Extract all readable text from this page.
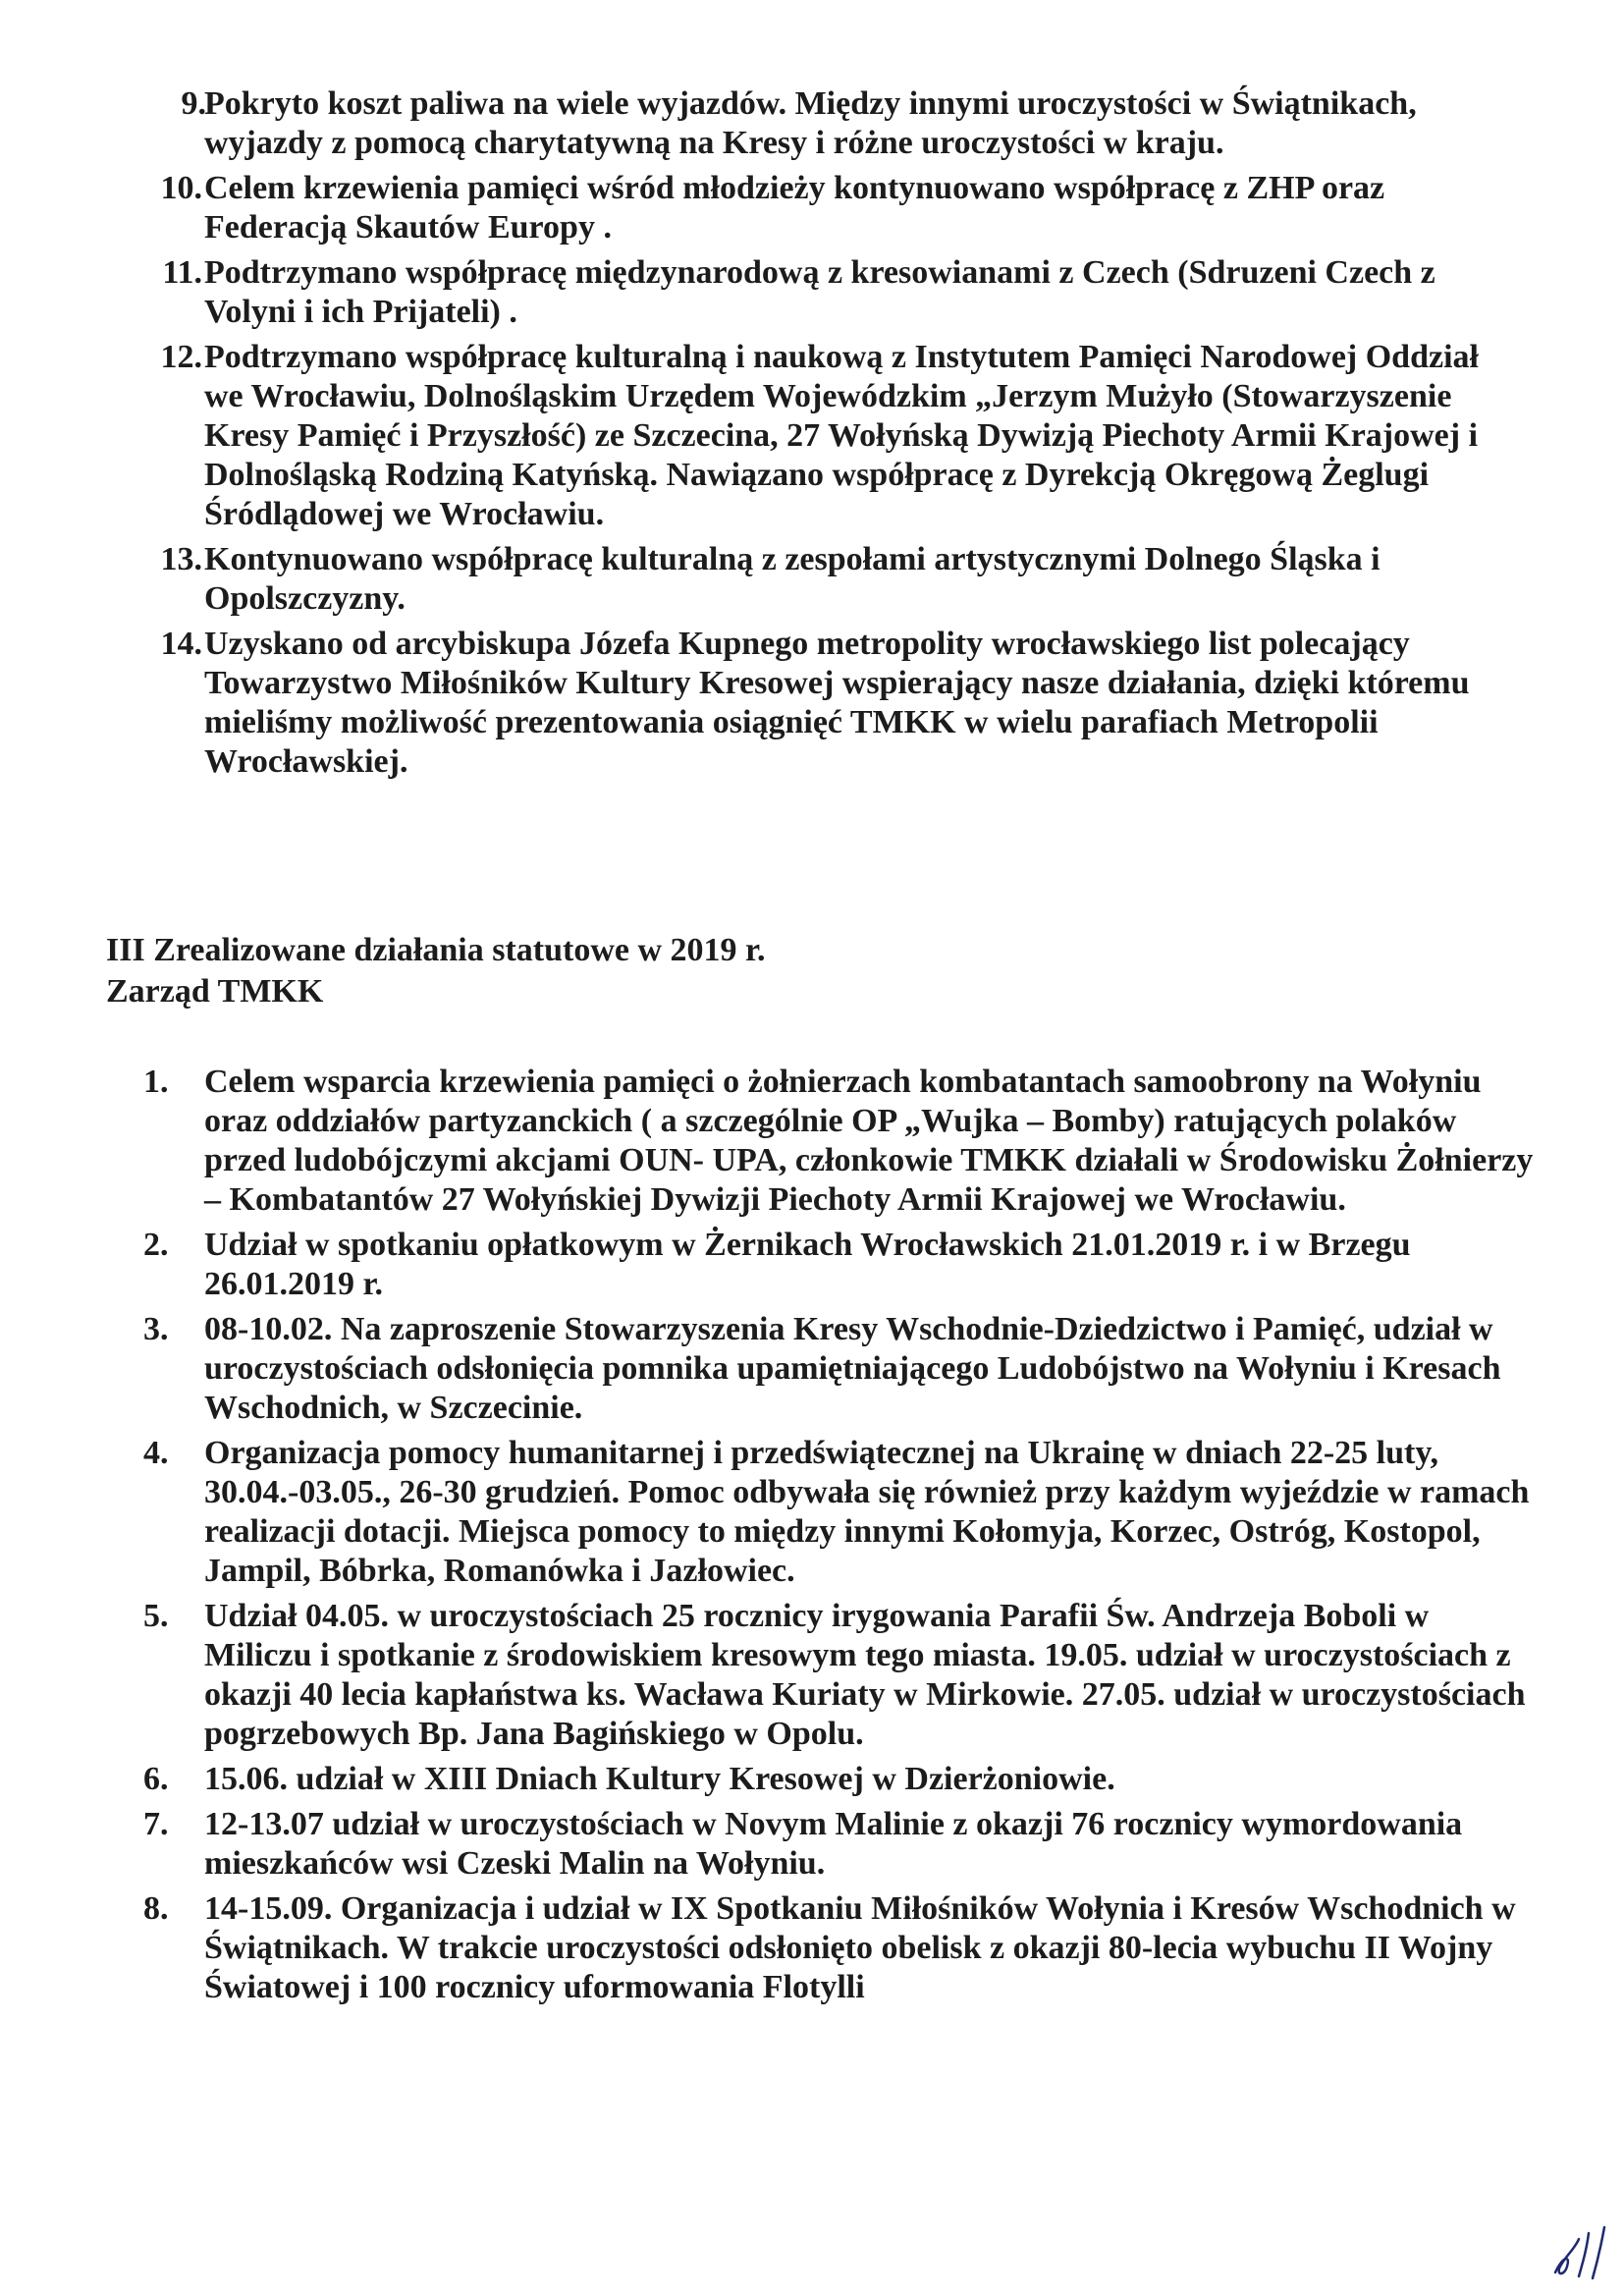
9.
Pokryto koszt paliwa na wiele wyjazdów. Między innymi uroczystości w Świątnikach, wyjazdy z pomocą charytatywną na Kresy i różne uroczystości w kraju.
10. Celem krzewienia pamięci wśród młodzieży kontynuowano współpracę z ZHP oraz Federacją Skautów Europy .
11. Podtrzymano współpracę międzynarodową z kresowianami z Czech (Sdruzeni Czech z Volyni i ich Prijateli) .
12. Podtrzymano współpracę kulturalną i naukową z Instytutem Pamięci Narodowej Oddział we Wrocławiu, Dolnośląskim Urzędem Wojewódzkim „Jerzym Mużyło (Stowarzyszenie Kresy Pamięć i Przyszłość) ze Szczecina, 27 Wołyńską Dywizją Piechoty Armii Krajowej i Dolnośląską Rodziną Katyńską. Nawiązano współpracę z Dyrekcją Okręgową Żeglugi Śródlądowej we Wrocławiu.
13. Kontynuowano współpracę kulturalną z zespołami artystycznymi Dolnego Śląska i Opolszczyzny.
14. Uzyskano od arcybiskupa Józefa Kupnego metropolity wrocławskiego list polecający Towarzystwo Miłośników Kultury Kresowej wspierający nasze działania, dzięki któremu mieliśmy możliwość prezentowania osiągnięć TMKK w wielu parafiach Metropolii Wrocławskiej.

III Zrealizowane działania statutowe w 2019 r.

Zarząd TMKK

1. Celem wsparcia krzewienia pamięci o żołnierzach kombatantach samoobrony na Wołyniu oraz oddziałów partyzanckich ( a szczególnie OP „Wujka – Bomby) ratujących polaków przed ludobójczymi akcjami OUN- UPA, członkowie TMKK działali w Środowisku Żołnierzy – Kombatantów 27 Wołyńskiej Dywizji Piechoty Armii Krajowej we Wrocławiu.
2. Udział w spotkaniu opłatkowym w Żernikach Wrocławskich 21.01.2019 r. i w Brzegu 26.01.2019 r.
3. 08-10.02. Na zaproszenie Stowarzyszenia Kresy Wschodnie-Dziedzictwo i Pamięć, udział w uroczystościach odsłonięcia pomnika upamiętniającego Ludobójstwo na Wołyniu i Kresach Wschodnich, w Szczecinie.
4. Organizacja pomocy humanitarnej i przedświątecznej na Ukrainę w dniach 22-25 luty, 30.04.-03.05., 26-30 grudzień. Pomoc odbywała się również przy każdym wyjeździe w ramach realizacji dotacji. Miejsca pomocy to między innymi Kołomyja, Korzec, Ostróg, Kostopol, Jampil, Bóbrka, Romanówka i Jazłowiec.
5. Udział 04.05. w uroczystościach 25 rocznicy irygowania Parafii Św. Andrzeja Boboli w Miliczu i spotkanie z środowiskiem kresowym tego miasta. 19.05. udział w uroczystościach z okazji 40 lecia kapłaństwa ks. Wacława Kuriaty w Mirkowie. 27.05. udział w uroczystościach pogrzebowych Bp. Jana Bagińskiego w Opolu.
6. 15.06. udział w XIII Dniach Kultury Kresowej w Dzierżoniowie.
7. 12-13.07 udział w uroczystościach w Novym Malinie z okazji 76 rocznicy wymordowania mieszkańców wsi Czeski Malin na Wołyniu.
8. 14-15.09. Organizacja i udział w IX Spotkaniu Miłośników Wołynia i Kresów Wschodnich w Świątnikach. W trakcie uroczystości odsłonięto obelisk z okazji 80-lecia wybuchu II Wojny Światowej i 100 rocznicy uformowania Flotylli
